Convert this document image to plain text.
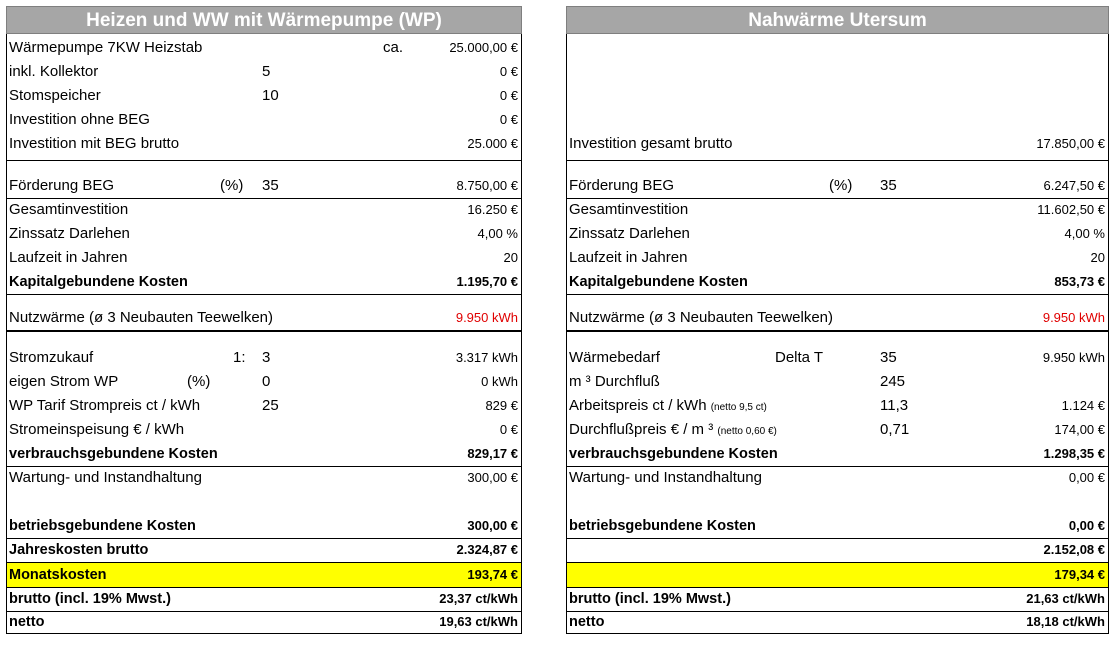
Heizen und WW mit Wärmepumpe (WP)
Wärmepumpe 7KW Heizstab	ca.	25.000,00 €
inkl. Kollektor	5	0 €
Stomspeicher	10	0 €
Investition ohne BEG	0 €
Investition mit BEG brutto	25.000 €
Förderung BEG	(%) 35	8.750,00 €
Gesamtinvestition	16.250 €
Zinssatz Darlehen	4,00 %
Laufzeit in Jahren	20
Kapitalgebundene Kosten	1.195,70 €
Nutzwärme (ø 3 Neubauten Teewelken)	9.950 kWh
Stromzukauf	1: 3	3.317 kWh
eigen Strom WP	(%)	0	0 kWh
WP Tarif Strompreis ct / kWh	25	829 €
Stromeinspeisung € / kWh	0 €
verbrauchsgebundene Kosten	829,17 €
Wartung- und Instandhaltung	300,00 €
betriebsgebundene Kosten	300,00 €
Jahreskosten brutto	2.324,87 €
Monatskosten	193,74 €
brutto (incl. 19% Mwst.)	23,37 ct/kWh
netto	19,63 ct/kWh
Nahwärme Utersum
Investition gesamt brutto	17.850,00 €
Förderung BEG	(%) 35	6.247,50 €
Gesamtinvestition	11.602,50 €
Zinssatz Darlehen	4,00 %
Laufzeit in Jahren	20
Kapitalgebundene Kosten	853,73 €
Nutzwärme (ø 3 Neubauten Teewelken)	9.950 kWh
Wärmebedarf	Delta T	35	9.950 kWh
m ³ Durchfluß	245
Arbeitspreis ct / kWh (netto 9,5 ct)	11,3	1.124 €
Durchflußpreis € / m ³ (netto 0,60 €)	0,71	174,00 €
verbrauchsgebundene Kosten	1.298,35 €
Wartung- und Instandhaltung	0,00 €
betriebsgebundene Kosten	0,00 €
2.152,08 €
179,34 €
brutto (incl. 19% Mwst.)	21,63 ct/kWh
netto	18,18 ct/kWh
